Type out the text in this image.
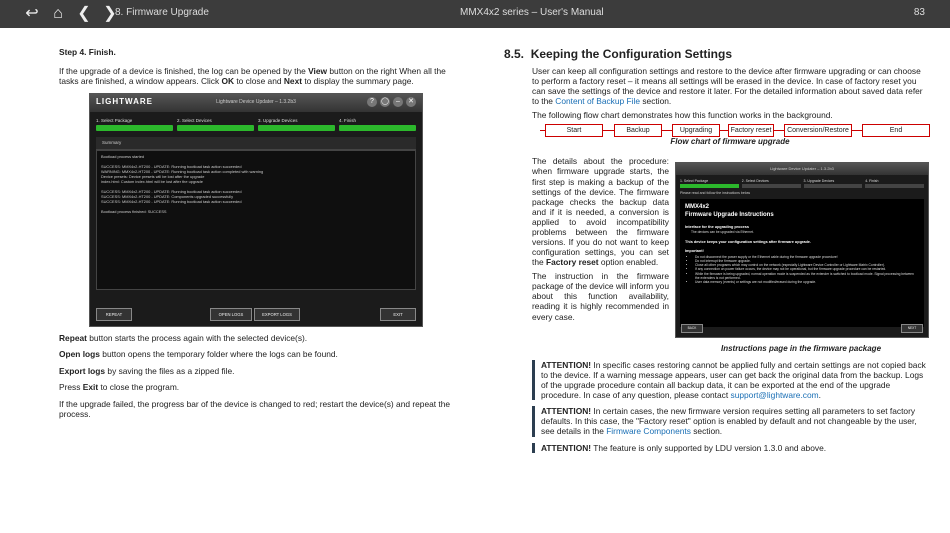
↩ ⌂ ❮ ❯
8. Firmware Upgrade	MMX4x2 series – User's Manual	83
Step 4. Finish.

If the upgrade of a device is finished, the log can be opened by the View button on the right When all the tasks are finished, a window appears. Click OK to close and Next to display the summary page.

LIGHTWARE	Lightware Device Updater – 1.3.2b3	?	◯	–	✕
1. Select Package	2. Select Devices	3. Upgrade Devices	4. Finish
Summary
Bootload process started
SUCCESS: MMX4x2-HT200 - UPDATE: Running bootload task action succeeded
WARNING: MMX4x2-HT200 - UPDATE: Running bootload task action completed with warning
Device presets: Device presets will be lost after the upgrade
index.html: Custom index.html will be lost after the upgrade
SUCCESS: MMX4x2-HT200 - UPDATE: Running bootload task action succeeded
SUCCESS: MMX4x2-HT200 - UPDATE: Components upgraded successfully
SUCCESS: MMX4x2-HT200 - UPDATE: Running bootload task action succeeded
Bootload process finished: SUCCESS
REPEAT	OPEN LOGS	EXPORT LOGS	EXIT

Repeat button starts the process again with the selected device(s).

Open logs button opens the temporary folder where the logs can be found.

Export logs by saving the files as a zipped file.

Press Exit to close the program.

If the upgrade failed, the progress bar of the device is changed to red; restart the device(s) and repeat the process.

8.5. Keeping the Configuration Settings

User can keep all configuration settings and restore to the device after firmware upgrading or can choose to perform a factory reset – it means all settings will be erased in the device. In case of factory reset you can save the settings of the device and restore it later. For the detailed information about saved data refer to the Content of Backup File section.

The following flow chart demonstrates how this function works in the background.

Start	Backup	Upgrading	Factory reset	Conversion/Restore	End
Flow chart of firmware upgrade

The details about the procedure: when firmware upgrade starts, the first step is making a backup of the settings of the device. The firmware package checks the backup data and if it is needed, a conversion is applied to avoid incompatibility problems between the firmware versions. If you do not want to keep configuration settings, you can set the Factory reset option enabled.

The instruction in the firmware package of the device will inform you about this function availability, reading it is highly recommended in every case.

Lightware Device Updater – 1.3.2b3
1. Select Package	2. Select Devices	3. Upgrade Devices	4. Finish
Please read and follow the instructions below
MMX4x2
Firmware Upgrade Instructions
Interface for the upgrading process
The devices can be upgraded via Ethernet.
This device keeps your configuration settings after firmware upgrade.
Important!
• Do not disconnect the power supply or the Ethernet cable during the firmware upgrade procedure!
• Do not interrupt the firmware upgrade.
• Close all other programs which may control on the network (especially Lightware Device Controller or Lightware Matrix Controller).
• If any connection on power failure occurs, the device may not be operational, but the firmware upgrade procedure can be restarted.
• While the firmware is being upgraded, normal operation mode is suspended as the extender is switched to bootload mode. Signal processing between the extenders is not performed.
• User data memory (events) or settings are not modified/erased during the upgrade.
BACK	NEXT
Instructions page in the firmware package
ATTENTION! In specific cases restoring cannot be applied fully and certain settings are not copied back to the device. If a warning message appears, user can get back the original data from the backup. Logs of the upgrade procedure contain all backup data, it can be exported at the end of the upgrade procedure. In case of any question, please contact support@lightware.com.
ATTENTION! In certain cases, the new firmware version requires setting all parameters to set factory defaults. In this case, the "Factory reset" option is enabled by default and not changeable by the user, see details in the Firmware Components section.
ATTENTION! The feature is only supported by LDU version 1.3.0 and above.
